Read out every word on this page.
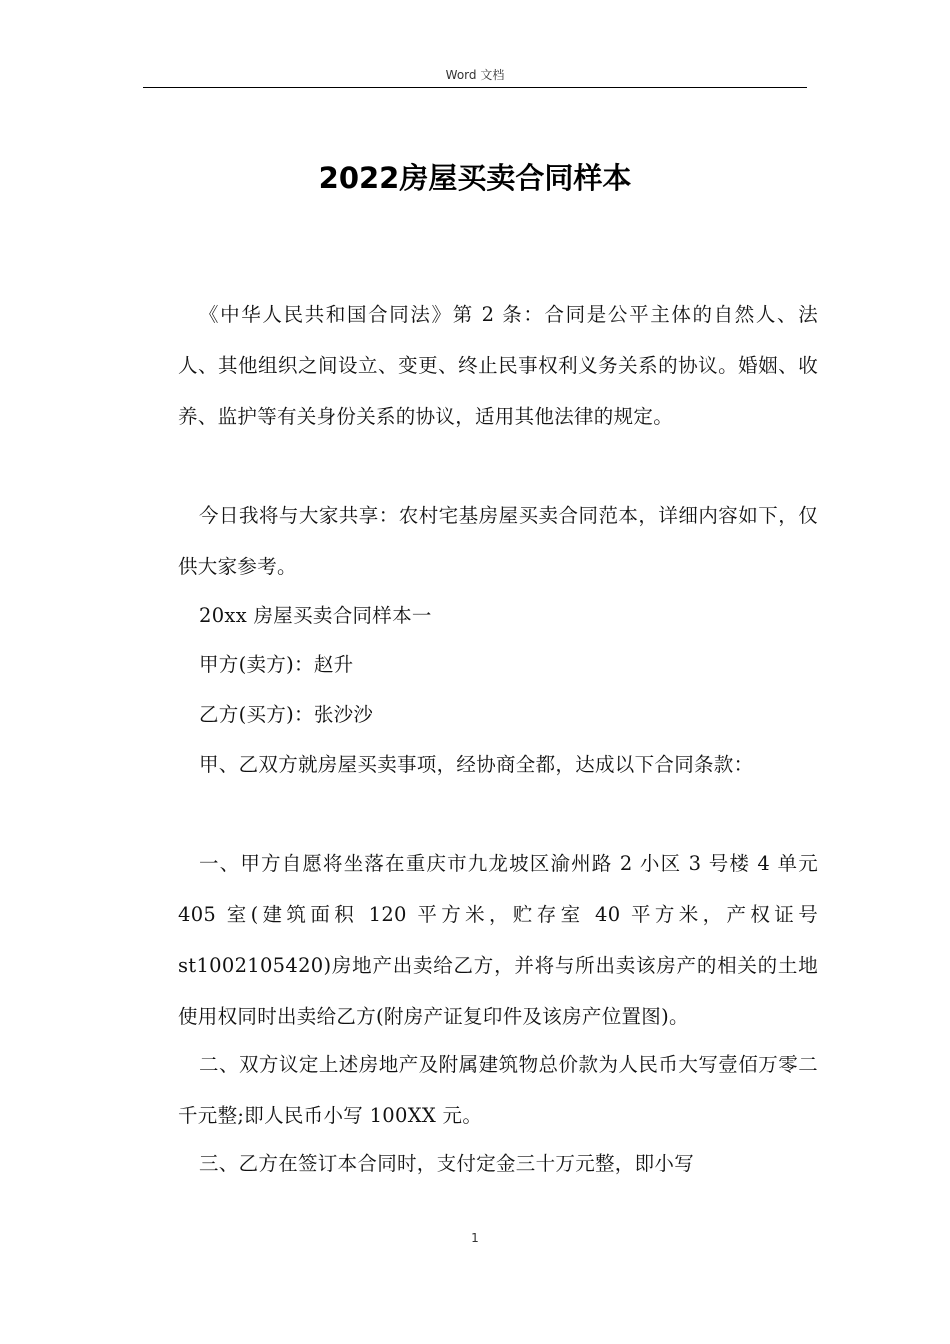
Word 文档
2022房屋买卖合同样本

《中华人民共和国合同法》第 2 条：合同是公平主体的自然人、法人、其他组织之间设立、变更、终止民事权利义务关系的协议。婚姻、收养、监护等有关身份关系的协议，适用其他法律的规定。

今日我将与大家共享：农村宅基房屋买卖合同范本，详细内容如下，仅供大家参考。

20xx 房屋买卖合同样本一

甲方(卖方)：赵升

乙方(买方)：张沙沙

甲、乙双方就房屋买卖事项，经协商全都，达成以下合同条款：

一、甲方自愿将坐落在重庆市九龙坡区渝州路 2 小区 3 号楼 4 单元 405 室(建筑面积 120 平方米，贮存室 40 平方米，产权证号 st1002105420)房地产出卖给乙方，并将与所出卖该房产的相关的土地使用权同时出卖给乙方(附房产证复印件及该房产位置图)。

二、双方议定上述房地产及附属建筑物总价款为人民币大写壹佰万零二千元整;即人民币小写 100XX 元。

三、乙方在签订本合同时，支付定金三十万元整，即小写

1
